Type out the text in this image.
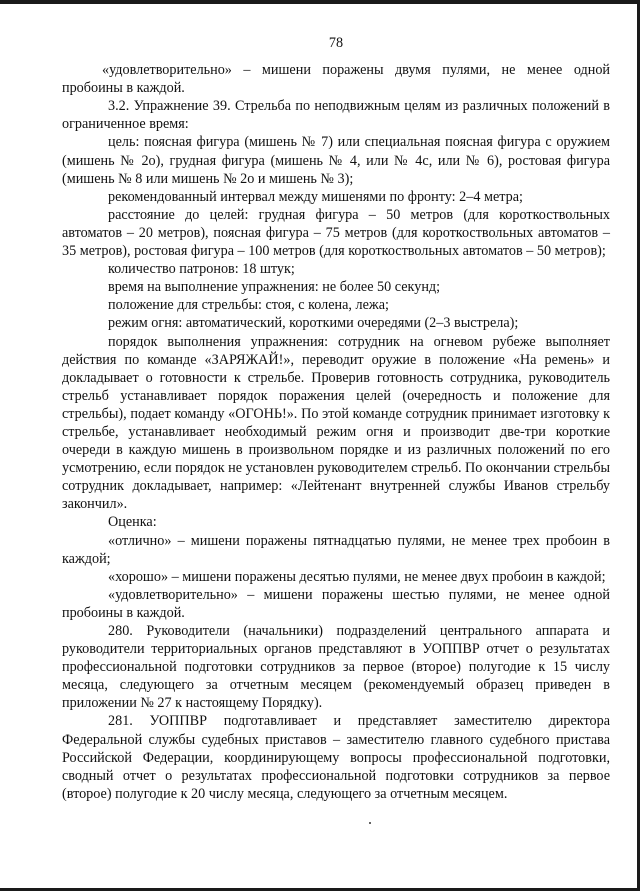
78

«удовлетворительно» – мишени поражены двумя пулями, не менее одной пробоины в каждой.

3.2. Упражнение 39. Стрельба по неподвижным целям из различных положений в ограниченное время:

цель: поясная фигура (мишень № 7) или специальная поясная фигура с оружием (мишень № 2о), грудная фигура (мишень № 4, или № 4с, или № 6), ростовая фигура (мишень № 8 или мишень № 2о и мишень № 3);

рекомендованный интервал между мишенями по фронту: 2–4 метра;

расстояние до целей: грудная фигура – 50 метров (для короткоствольных автоматов – 20 метров), поясная фигура – 75 метров (для короткоствольных автоматов – 35 метров), ростовая фигура – 100 метров (для короткоствольных автоматов – 50 метров);

количество патронов: 18 штук;

время на выполнение упражнения: не более 50 секунд;

положение для стрельбы: стоя, с колена, лежа;

режим огня: автоматический, короткими очередями (2–3 выстрела);

порядок выполнения упражнения: сотрудник на огневом рубеже выполняет действия по команде «ЗАРЯЖАЙ!», переводит оружие в положение «На ремень» и докладывает о готовности к стрельбе. Проверив готовность сотрудника, руководитель стрельб устанавливает порядок поражения целей (очередность и положение для стрельбы), подает команду «ОГОНЬ!». По этой команде сотрудник принимает изготовку к стрельбе, устанавливает необходимый режим огня и производит две-три короткие очереди в каждую мишень в произвольном порядке и из различных положений по его усмотрению, если порядок не установлен руководителем стрельб. По окончании стрельбы сотрудник докладывает, например: «Лейтенант внутренней службы Иванов стрельбу закончил».

Оценка:

«отлично» – мишени поражены пятнадцатью пулями, не менее трех пробоин в каждой;

«хорошо» – мишени поражены десятью пулями, не менее двух пробоин в каждой;

«удовлетворительно» – мишени поражены шестью пулями, не менее одной пробоины в каждой.

280. Руководители (начальники) подразделений центрального аппарата и руководители территориальных органов представляют в УОППВР отчет о результатах профессиональной подготовки сотрудников за первое (второе) полугодие к 15 числу месяца, следующего за отчетным месяцем (рекомендуемый образец приведен в приложении № 27 к настоящему Порядку).

281. УОППВР подготавливает и представляет заместителю директора Федеральной службы судебных приставов – заместителю главного судебного пристава Российской Федерации, координирующему вопросы профессиональной подготовки, сводный отчет о результатах профессиональной подготовки сотрудников за первое (второе) полугодие к 20 числу месяца, следующего за отчетным месяцем.
